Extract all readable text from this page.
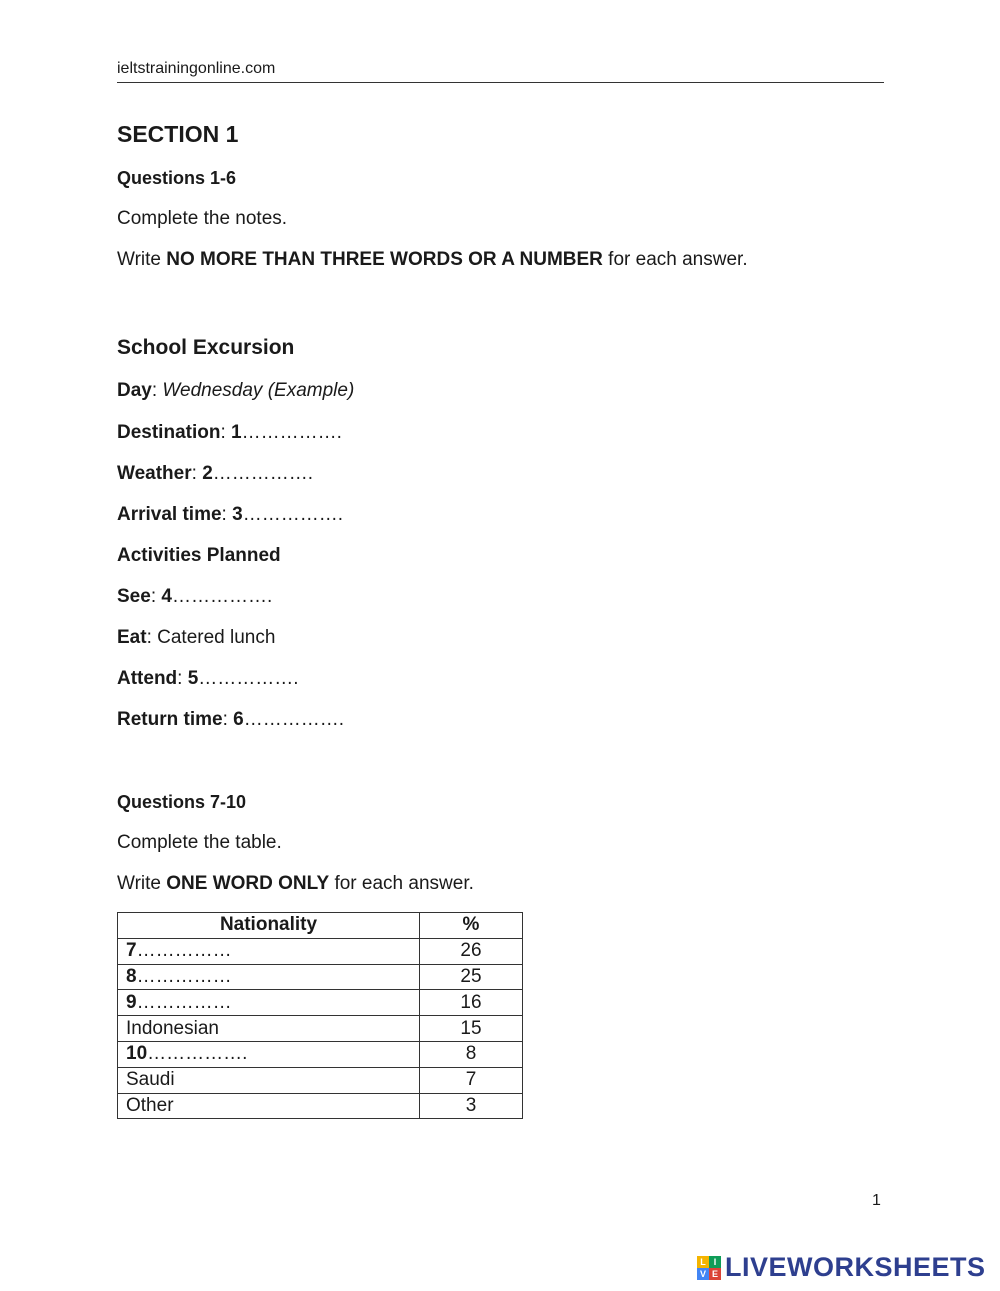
ieltstrainingonline.com
SECTION 1
Questions 1-6
Complete the notes.
Write NO MORE THAN THREE WORDS OR A NUMBER for each answer.
School Excursion
Day: Wednesday (Example)
Destination: 1…………….
Weather: 2…………….
Arrival time: 3…………….
Activities Planned
See: 4…………….
Eat: Catered lunch
Attend: 5…………….
Return time: 6…………….
Questions 7-10
Complete the table.
Write ONE WORD ONLY for each answer.
Nationality	%
7……………	26
8……………	25
9……………	16
Indonesian	15
10…………….	8
Saudi	7
Other	3
1
L I
V E LIVEWORKSHEETS
